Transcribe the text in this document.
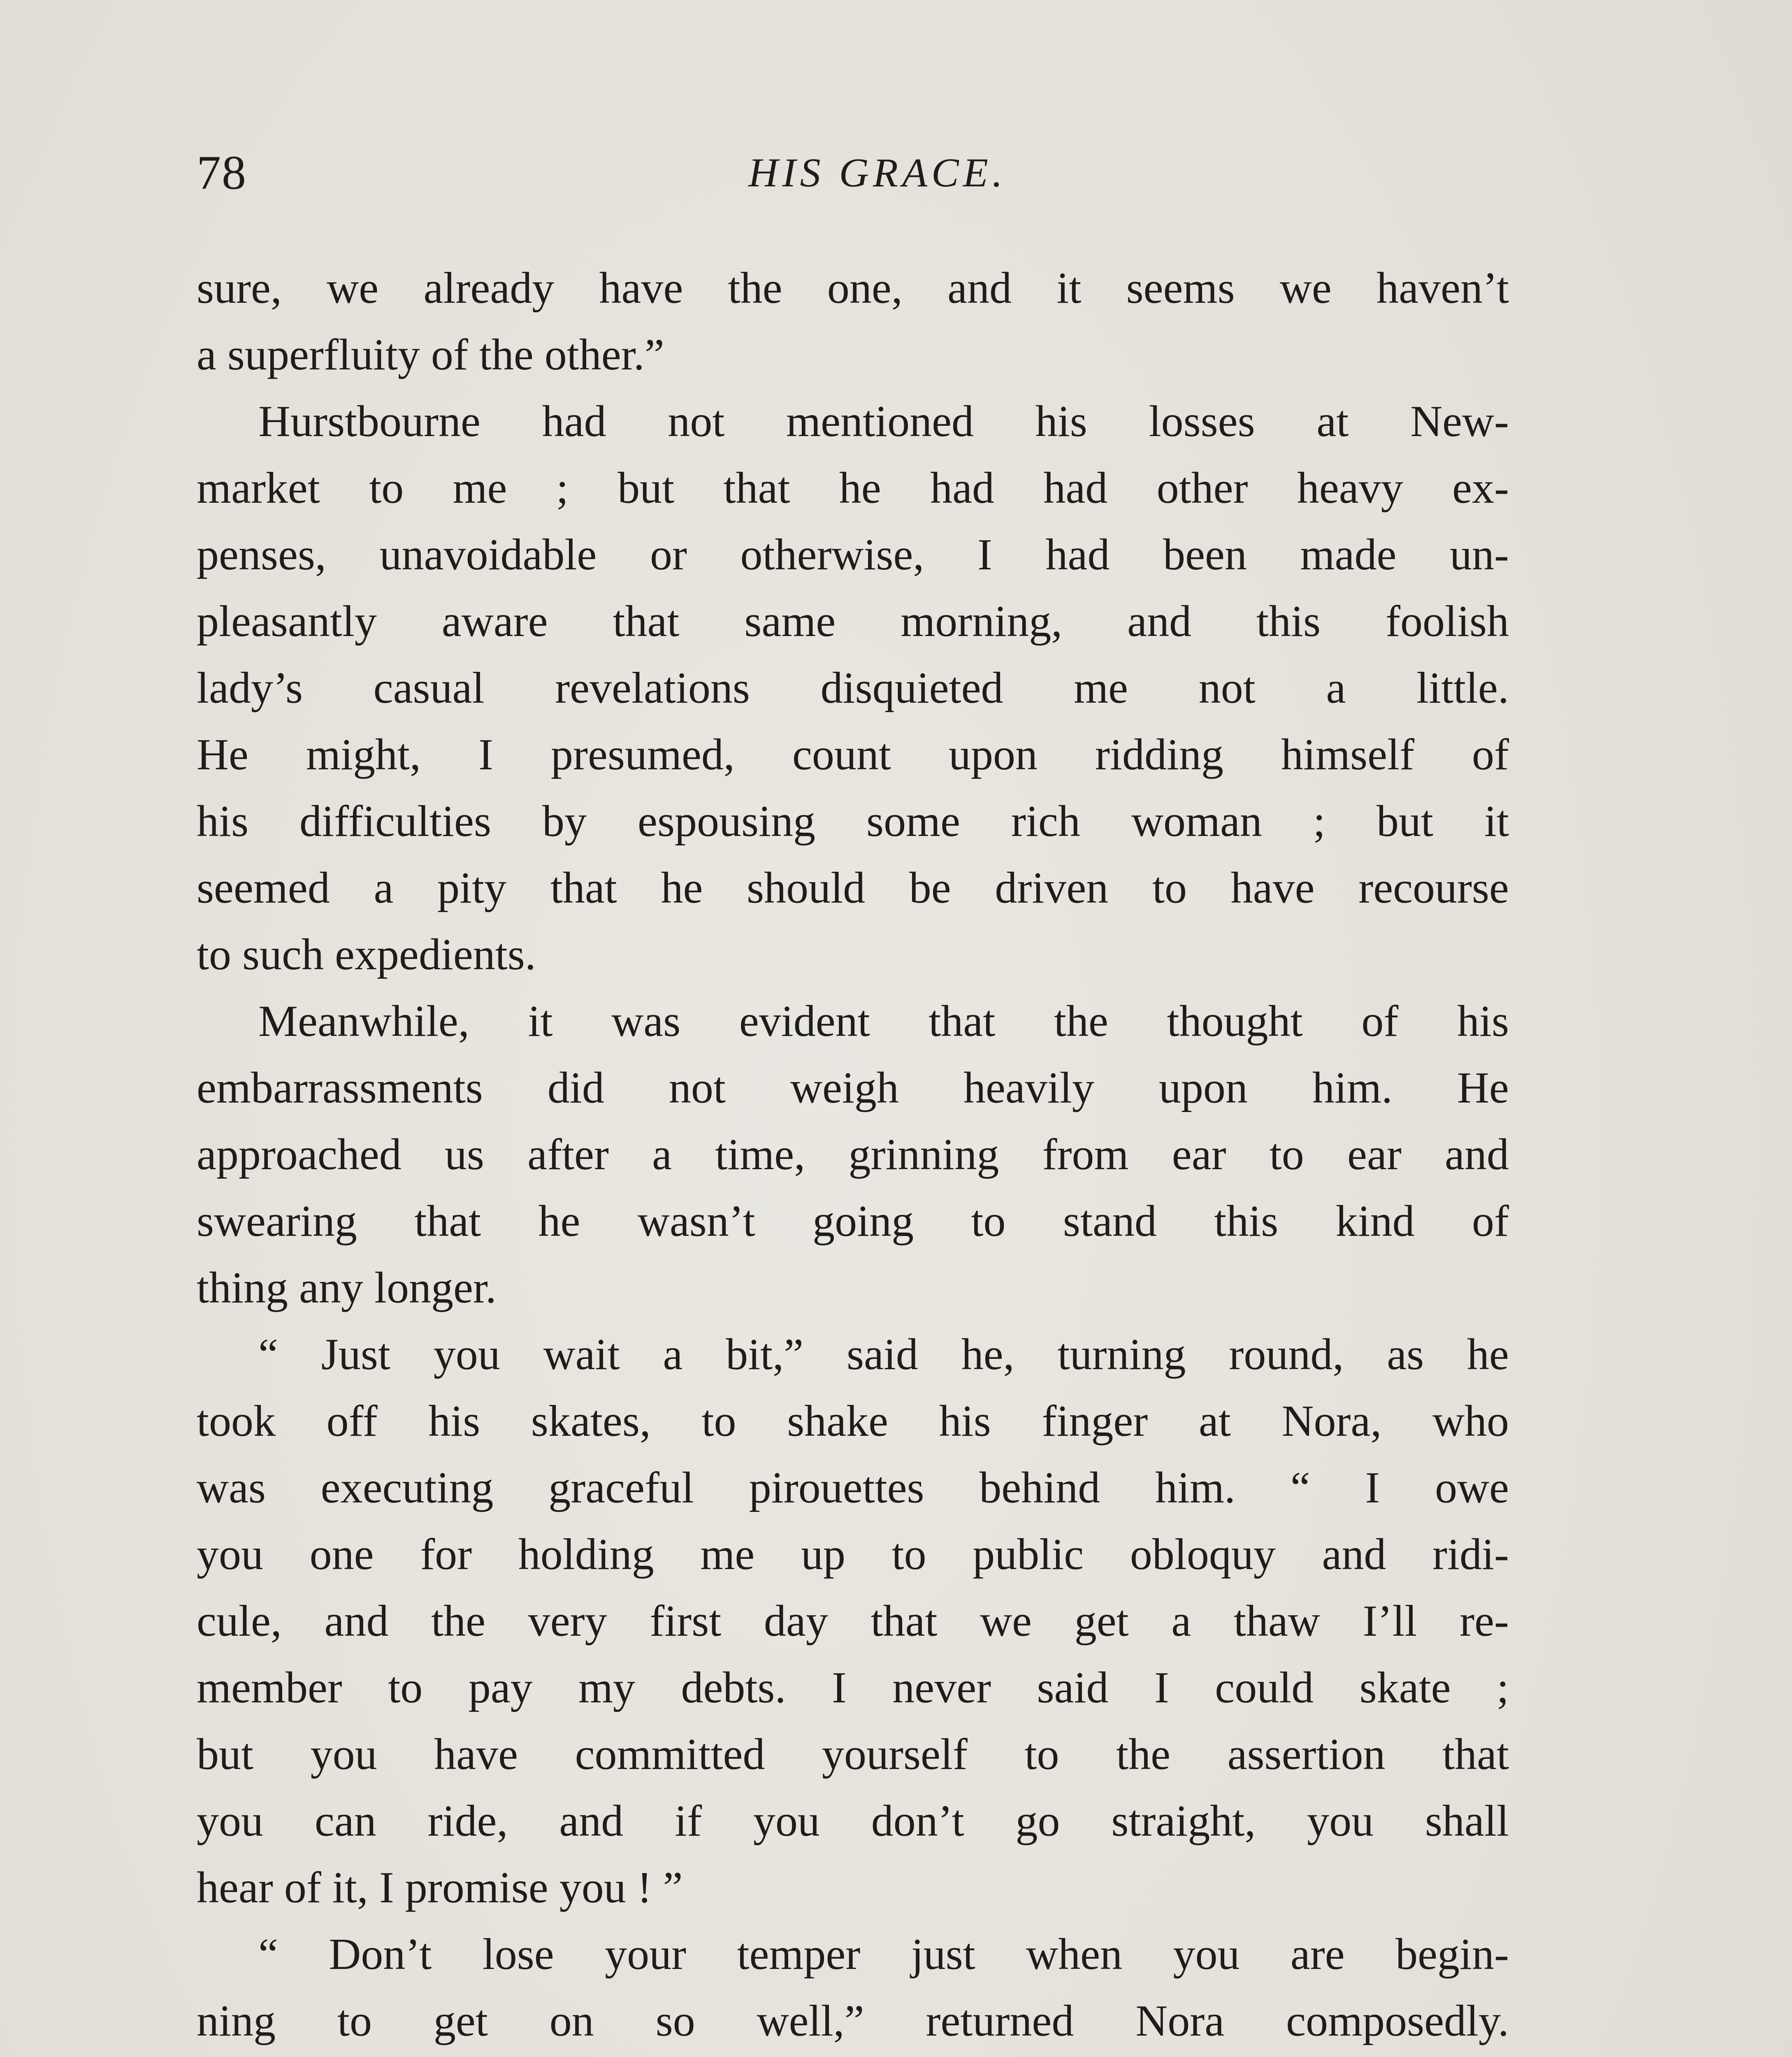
78	HIS GRACE.
sure, we already have the one, and it seems we haven’t
a superfluity of the other.”
Hurstbourne had not mentioned his losses at New-
market to me ; but that he had had other heavy ex-
penses, unavoidable or otherwise, I had been made un-
pleasantly aware that same morning, and this foolish
lady’s casual revelations disquieted me not a little.
He might, I presumed, count upon ridding himself of
his difficulties by espousing some rich woman ; but it
seemed a pity that he should be driven to have recourse
to such expedients.
Meanwhile, it was evident that the thought of his
embarrassments did not weigh heavily upon him. He
approached us after a time, grinning from ear to ear and
swearing that he wasn’t going to stand this kind of
thing any longer.
“ Just you wait a bit,” said he, turning round, as he
took off his skates, to shake his finger at Nora, who
was executing graceful pirouettes behind him. “ I owe
you one for holding me up to public obloquy and ridi-
cule, and the very first day that we get a thaw I’ll re-
member to pay my debts. I never said I could skate ;
but you have committed yourself to the assertion that
you can ride, and if you don’t go straight, you shall
hear of it, I promise you ! ”
“ Don’t lose your temper just when you are begin-
ning to get on so well,” returned Nora composedly.
